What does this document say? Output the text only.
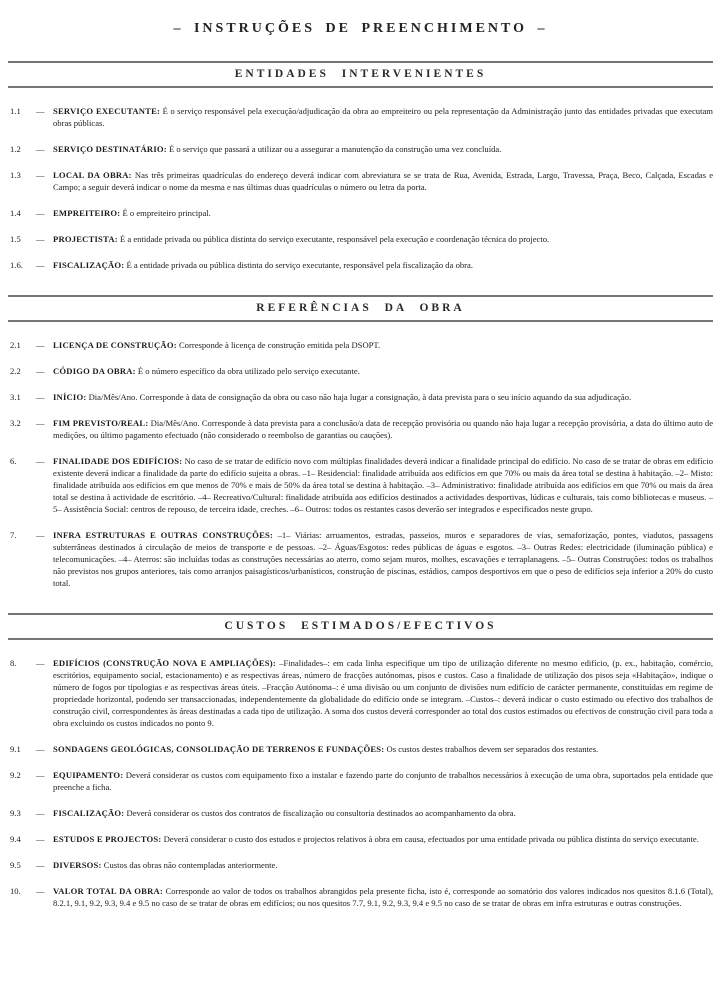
– INSTRUÇÕES DE PREENCHIMENTO –
ENTIDADES INTERVENIENTES
1.1	— SERVIÇO EXECUTANTE: É o serviço responsável pela execução/adjudicação da obra ao empreiteiro ou pela representação da Administração junto das entidades privadas que executam obras públicas.

1.2	— SERVIÇO DESTINATÁRIO: É o serviço que passará a utilizar ou a assegurar a manutenção da construção uma vez concluída.

1.3	— LOCAL DA OBRA: Nas três primeiras quadrículas do endereço deverá indicar com abreviatura se se trata de Rua, Avenida, Estrada, Largo, Travessa, Praça, Beco, Calçada, Escadas e Campo; a seguir deverá indicar o nome da mesma e nas últimas duas quadrículas o número ou letra da porta.

1.4	— EMPREITEIRO: É o empreiteiro principal.

1.5	— PROJECTISTA: É a entidade privada ou pública distinta do serviço executante, responsável pela execução e coordenação técnica do projecto.

1.6.	— FISCALIZAÇÃO: É a entidade privada ou pública distinta do serviço executante, responsável pela fiscalização da obra.

REFERÊNCIAS DA OBRA
2.1	— LICENÇA DE CONSTRUÇÃO: Corresponde à licença de construção emitida pela DSOPT.

2.2	— CÓDIGO DA OBRA: É o número específico da obra utilizado pelo serviço executante.

3.1	— INÍCIO: Dia/Mês/Ano. Corresponde à data de consignação da obra ou caso não haja lugar a consignação, à data prevista para o seu início aquando da sua adjudicação.

3.2	— FIM PREVISTO/REAL: Dia/Mês/Ano. Corresponde à data prevista para a conclusão/a data de recepção provisória ou quando não haja lugar a recepção provisória, a data do último auto de medições, ou último pagamento efectuado (não considerado o reembolso de garantias ou cauções).

6.	— FINALIDADE DOS EDIFÍCIOS: No caso de se tratar de edifício novo com múltiplas finalidades deverá indicar a finalidade principal do edifício. No caso de se tratar de obras em edifício existente deverá indicar a finalidade da parte do edifício sujeita a obras. –1– Residencial: finalidade atribuída aos edifícios em que 70% ou mais da área total se destina à habitação. –2– Misto: finalidade atribuída aos edifícios em que menos de 70% e mais de 50% da área total se destina à habitação. –3– Administrativo: finalidade atribuída aos edifícios em que 70% ou mais da área total se destina à actividade de escritório. –4– Recreativo/Cultural: finalidade atribuída aos edifícios destinados a actividades desportivas, lúdicas e culturais, tais como bibliotecas e museus. –5– Assistência Social: centros de repouso, de terceira idade, creches. –6– Outros: todos os restantes casos deverão ser integrados e especificados neste grupo.

7.	— INFRA ESTRUTURAS E OUTRAS CONSTRUÇÕES: –1– Viárias: arruamentos, estradas, passeios, muros e separadores de vias, semaforização, pontes, viadutos, passagens subterrâneas destinados à circulação de meios de transporte e de pessoas. –2– Águas/Esgotos: redes públicas de águas e esgotos. –3– Outras Redes: electricidade (iluminação pública) e telecomunicações. –4– Aterros: são incluídas todas as construções necessárias ao aterro, como sejam muros, molhes, escavações e terraplanagens. –5– Outras Construções: todos os trabalhos não previstos nos grupos anteriores, tais como arranjos paisagísticos/urbanísticos, construção de piscinas, estádios, campos desportivos em que o peso de edifícios seja inferior a 20% do custo total.

CUSTOS ESTIMADOS/EFECTIVOS
8.	— EDIFÍCIOS (CONSTRUÇÃO NOVA E AMPLIAÇÕES): –Finalidades–: em cada linha especifique um tipo de utilização diferente no mesmo edifício, (p. ex., habitação, comércio, escritórios, equipamento social, estacionamento) e as respectivas áreas, número de fracções autónomas, pisos e custos. Caso a finalidade de utilização dos pisos seja «Habitação», indique o número de fogos por tipologias e as respectivas áreas úteis. –Fracção Autónoma–: é uma divisão ou um conjunto de divisões num edifício de carácter permanente, constituídas em regime de propriedade horizontal, podendo ser transaccionadas, independentemente da globalidade do edifício onde se integram. –Custos–: deverá indicar o custo estimado ou efectivo dos trabalhos de construção civil, correspondentes às áreas destinadas a cada tipo de utilização. A soma dos custos deverá corresponder ao total dos custos estimados ou efectivos de construção civil para toda a obra excluindo os custos indicados no ponto 9.

9.1	— SONDAGENS GEOLÓGICAS, CONSOLIDAÇÃO DE TERRENOS E FUNDAÇÕES: Os custos destes trabalhos devem ser separados dos restantes.

9.2	— EQUIPAMENTO: Deverá considerar os custos com equipamento fixo a instalar e fazendo parte do conjunto de trabalhos necessários à execução de uma obra, suportados pela entidade que preenche a ficha.

9.3	— FISCALIZAÇÃO: Deverá considerar os custos dos contratos de fiscalização ou consultoria destinados ao acompanhamento da obra.

9.4	— ESTUDOS E PROJECTOS: Deverá considerar o custo dos estudos e projectos relativos à obra em causa, efectuados por uma entidade privada ou pública distinta do serviço executante.

9.5	— DIVERSOS: Custos das obras não contempladas anteriormente.

10.	— VALOR TOTAL DA OBRA: Corresponde ao valor de todos os trabalhos abrangidos pela presente ficha, isto é, corresponde ao somatório dos valores indicados nos quesitos 8.1.6 (Total), 8.2.1, 9.1, 9.2, 9.3, 9.4 e 9.5 no caso de se tratar de obras em edifícios; ou nos quesitos 7.7, 9.1, 9.2, 9.3, 9.4 e 9.5 no caso de se tratar de obras em infra estruturas e outras construções.
